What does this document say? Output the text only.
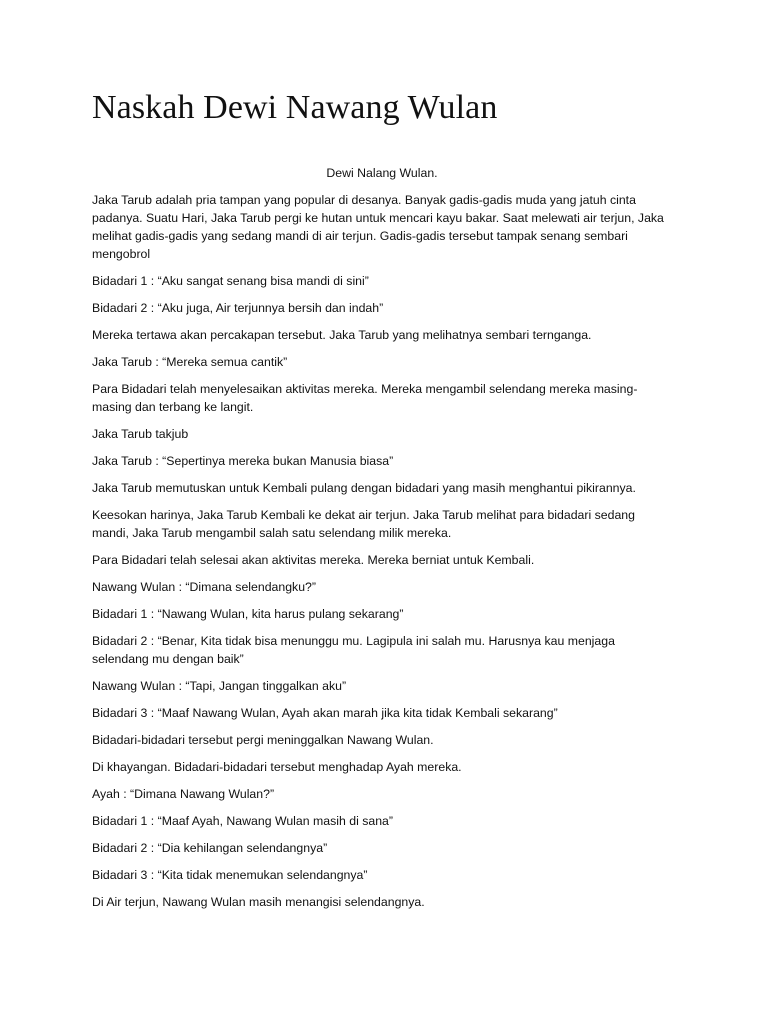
Naskah Dewi Nawang Wulan

Dewi Nalang Wulan.

Jaka Tarub adalah pria tampan yang popular di desanya. Banyak gadis-gadis muda yang jatuh cinta padanya. Suatu Hari, Jaka Tarub pergi ke hutan untuk mencari kayu bakar. Saat melewati air terjun, Jaka melihat gadis-gadis yang sedang mandi di air terjun. Gadis-gadis tersebut tampak senang sembari mengobrol

Bidadari 1 : “Aku sangat senang bisa mandi di sini”

Bidadari 2 : “Aku juga, Air terjunnya bersih dan indah”

Mereka tertawa akan percakapan tersebut. Jaka Tarub yang melihatnya sembari ternganga.

Jaka Tarub : “Mereka semua cantik”

Para Bidadari telah menyelesaikan aktivitas mereka. Mereka mengambil selendang mereka masing-masing dan terbang ke langit.

Jaka Tarub takjub

Jaka Tarub : “Sepertinya mereka bukan Manusia biasa”

Jaka Tarub memutuskan untuk Kembali pulang dengan bidadari yang masih menghantui pikirannya.

Keesokan harinya, Jaka Tarub Kembali ke dekat air terjun. Jaka Tarub melihat para bidadari sedang mandi, Jaka Tarub mengambil salah satu selendang milik mereka.

Para Bidadari telah selesai akan aktivitas mereka. Mereka berniat untuk Kembali.

Nawang Wulan : “Dimana selendangku?”

Bidadari 1 : “Nawang Wulan, kita harus pulang sekarang”

Bidadari 2 : “Benar, Kita tidak bisa menunggu mu. Lagipula ini salah mu. Harusnya kau menjaga selendang mu dengan baik”

Nawang Wulan : “Tapi, Jangan tinggalkan aku”

Bidadari 3 : “Maaf Nawang Wulan, Ayah akan marah jika kita tidak Kembali sekarang”

Bidadari-bidadari tersebut pergi meninggalkan Nawang Wulan.

Di khayangan. Bidadari-bidadari tersebut menghadap Ayah mereka.

Ayah : “Dimana Nawang Wulan?”

Bidadari 1 : “Maaf Ayah, Nawang Wulan masih di sana”

Bidadari 2 : “Dia kehilangan selendangnya”

Bidadari 3 : “Kita tidak menemukan selendangnya”

Di Air terjun, Nawang Wulan masih menangisi selendangnya.
